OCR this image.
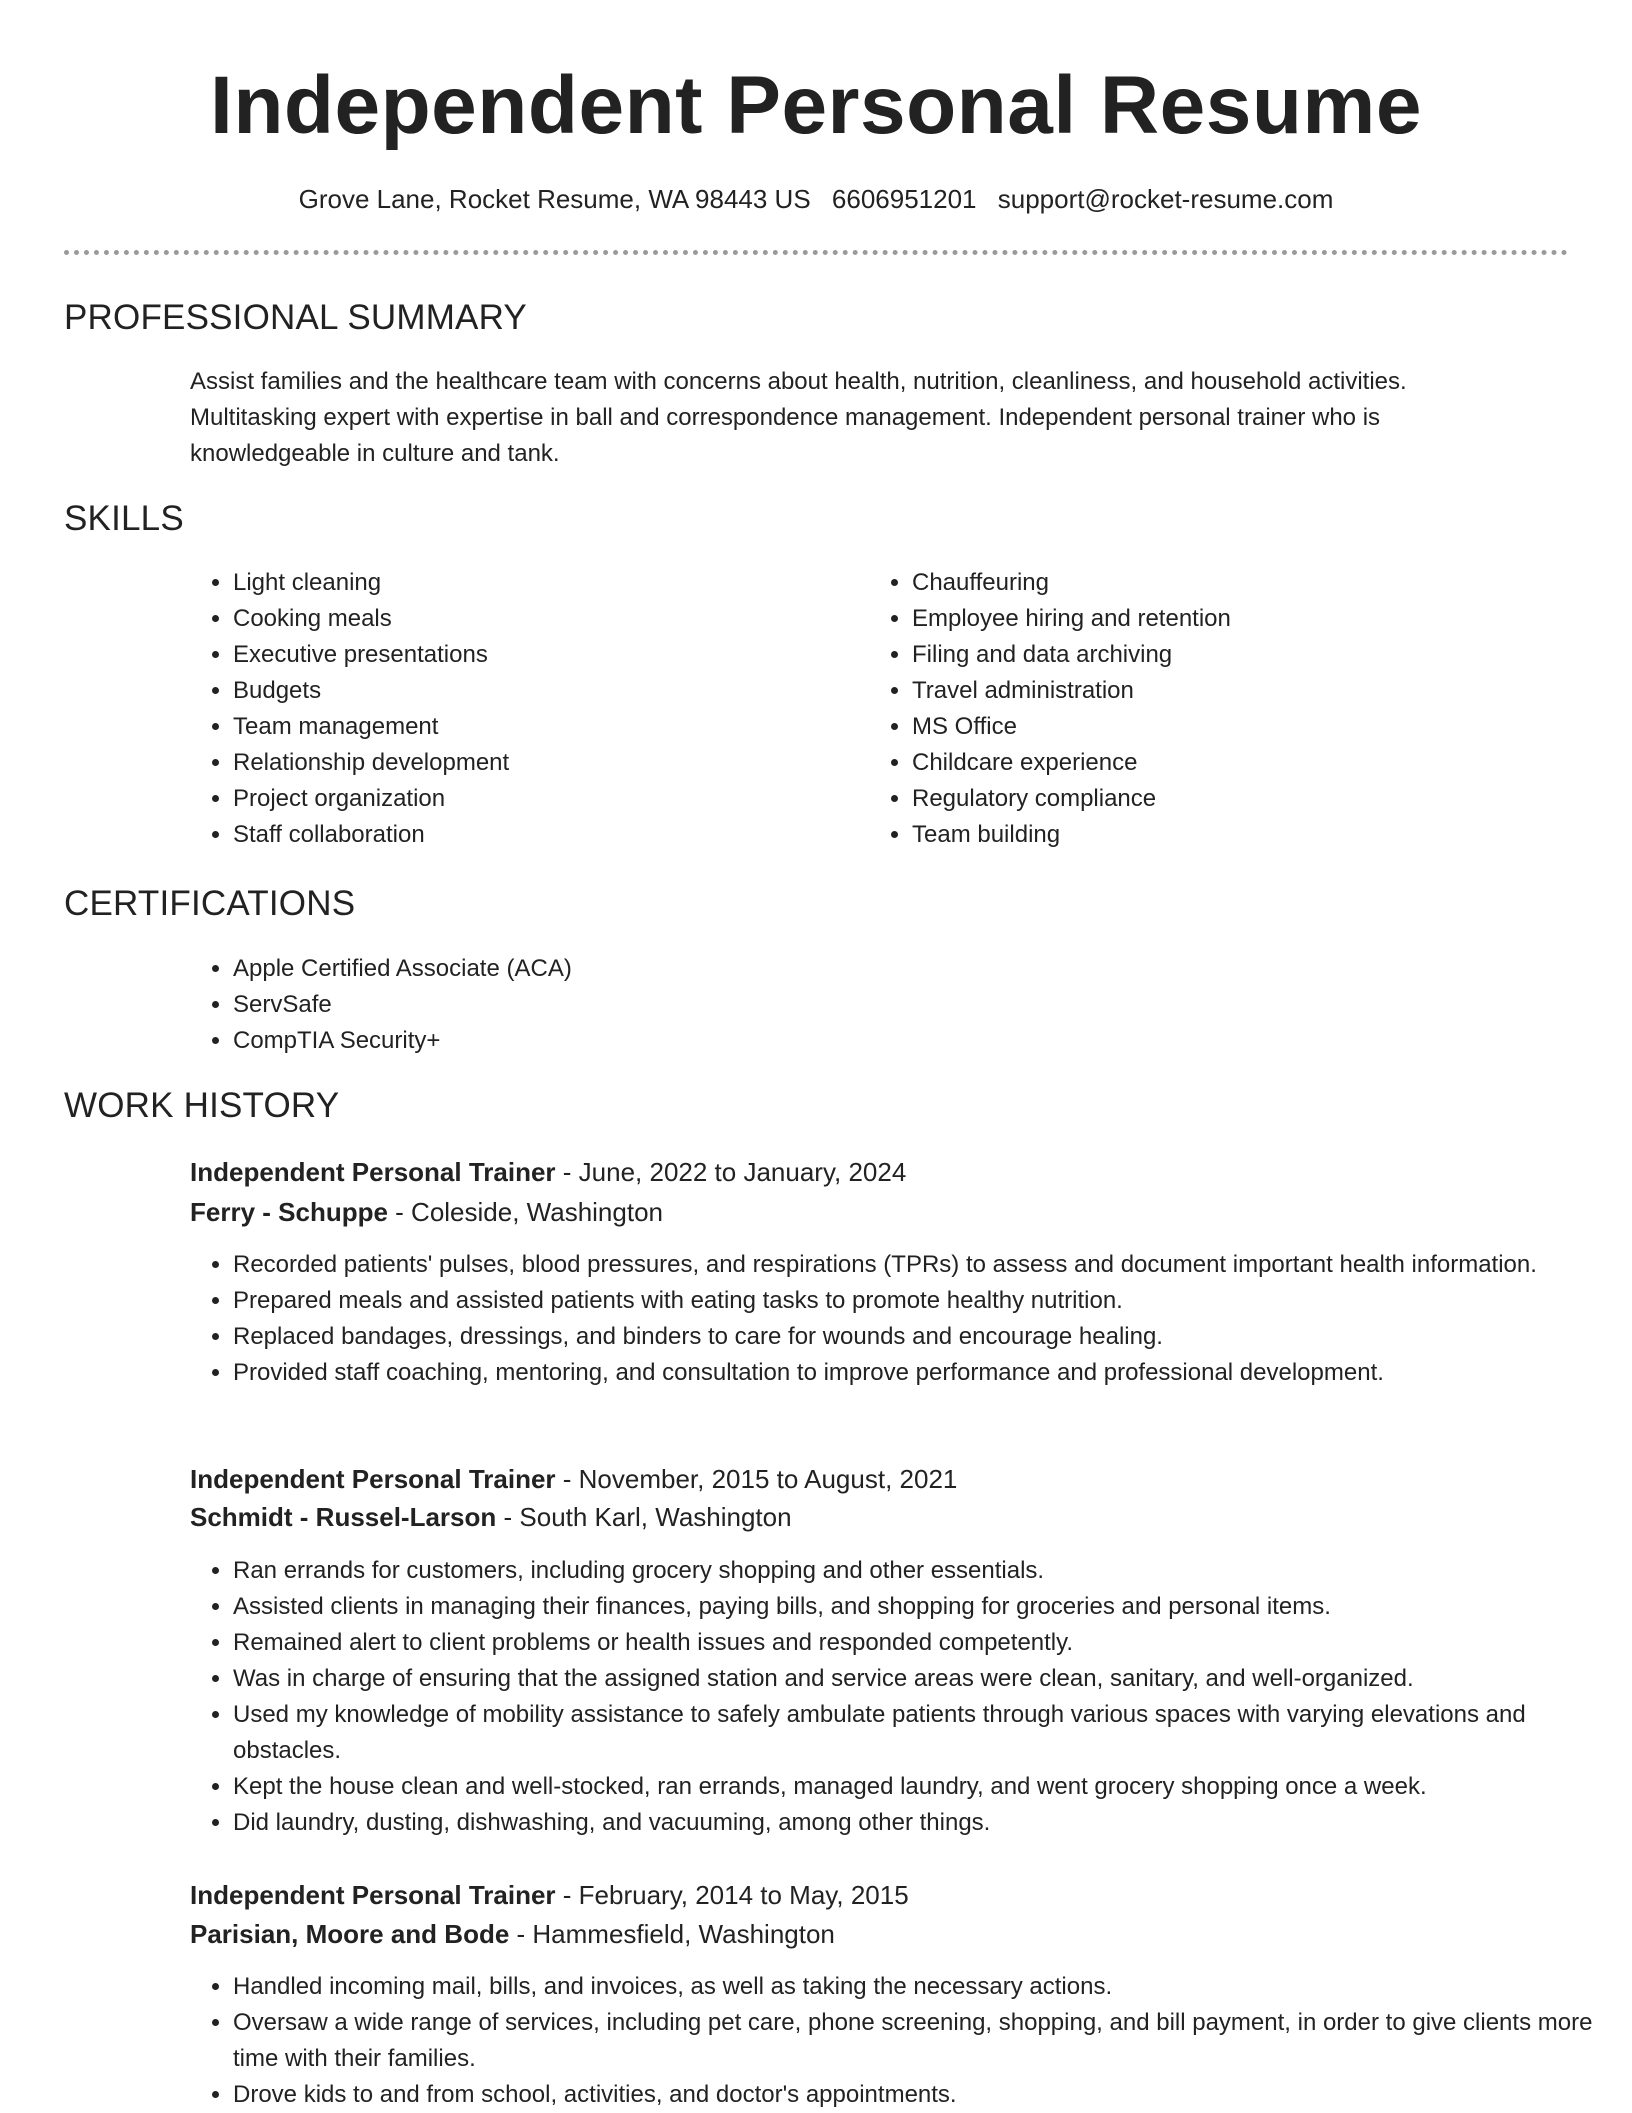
Independent Personal Resume
Grove Lane, Rocket Resume, WA 98443 US 6606951201 support@rocket-resume.com
PROFESSIONAL SUMMARY

Assist families and the healthcare team with concerns about health, nutrition, cleanliness, and household activities. Multitasking expert with expertise in ball and correspondence management. Independent personal trainer who is knowledgeable in culture and tank.

SKILLS
• Light cleaning
• Cooking meals
• Executive presentations
• Budgets
• Team management
• Relationship development
• Project organization
• Staff collaboration
• Chauffeuring
• Employee hiring and retention
• Filing and data archiving
• Travel administration
• MS Office
• Childcare experience
• Regulatory compliance
• Team building
CERTIFICATIONS
• Apple Certified Associate (ACA)
• ServSafe
• CompTIA Security+
WORK HISTORY
Independent Personal Trainer - June, 2022 to January, 2024
Ferry - Schuppe - Coleside, Washington
• Recorded patients' pulses, blood pressures, and respirations (TPRs) to assess and document important health information.
• Prepared meals and assisted patients with eating tasks to promote healthy nutrition.
• Replaced bandages, dressings, and binders to care for wounds and encourage healing.
• Provided staff coaching, mentoring, and consultation to improve performance and professional development.
Independent Personal Trainer - November, 2015 to August, 2021
Schmidt - Russel-Larson - South Karl, Washington
• Ran errands for customers, including grocery shopping and other essentials.
• Assisted clients in managing their finances, paying bills, and shopping for groceries and personal items.
• Remained alert to client problems or health issues and responded competently.
• Was in charge of ensuring that the assigned station and service areas were clean, sanitary, and well-organized.
• Used my knowledge of mobility assistance to safely ambulate patients through various spaces with varying elevations and obstacles.
• Kept the house clean and well-stocked, ran errands, managed laundry, and went grocery shopping once a week.
• Did laundry, dusting, dishwashing, and vacuuming, among other things.
Independent Personal Trainer - February, 2014 to May, 2015
Parisian, Moore and Bode - Hammesfield, Washington
• Handled incoming mail, bills, and invoices, as well as taking the necessary actions.
• Oversaw a wide range of services, including pet care, phone screening, shopping, and bill payment, in order to give clients more time with their families.
• Drove kids to and from school, activities, and doctor's appointments.
